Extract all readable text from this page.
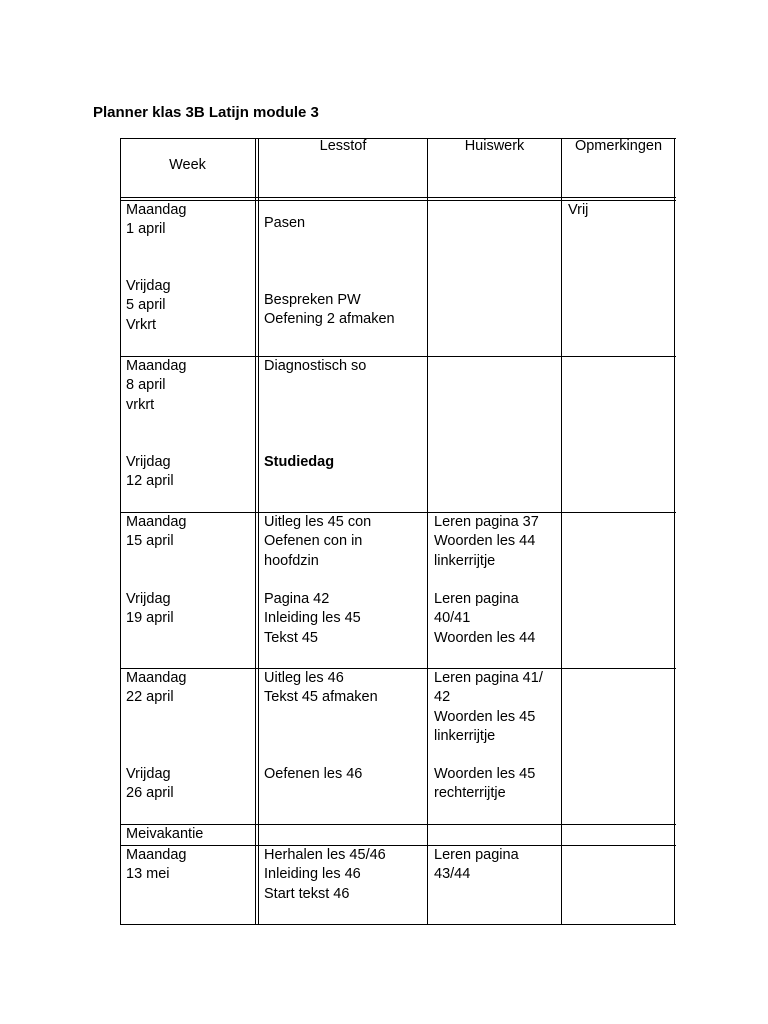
Planner klas 3B Latijn module 3
Week
Lesstof	Huiswerk	Opmerkingen
Maandag
1 april
Vrijdag
5 april
Vrkrt
Pasen
Bespreken PW
Oefening 2 afmaken
Vrij
Maandag
8 april
vrkrt
Vrijdag
12 april
Diagnostisch so
Studiedag
Maandag
15 april
Vrijdag
19 april
Uitleg les 45 con
Oefenen con in
hoofdzin
Pagina 42
Inleiding les 45
Tekst 45
Leren pagina 37
Woorden les 44
linkerrijtje
Leren pagina
40/41
Woorden les 44
Maandag
22 april
Vrijdag
26 april
Uitleg les 46
Tekst 45 afmaken
Oefenen les 46
Leren pagina 41/
42
Woorden les 45
linkerrijtje
Woorden les 45
rechterrijtje
Meivakantie
Maandag
13 mei
Herhalen les 45/46
Inleiding les 46
Start tekst 46
Leren pagina
43/44
